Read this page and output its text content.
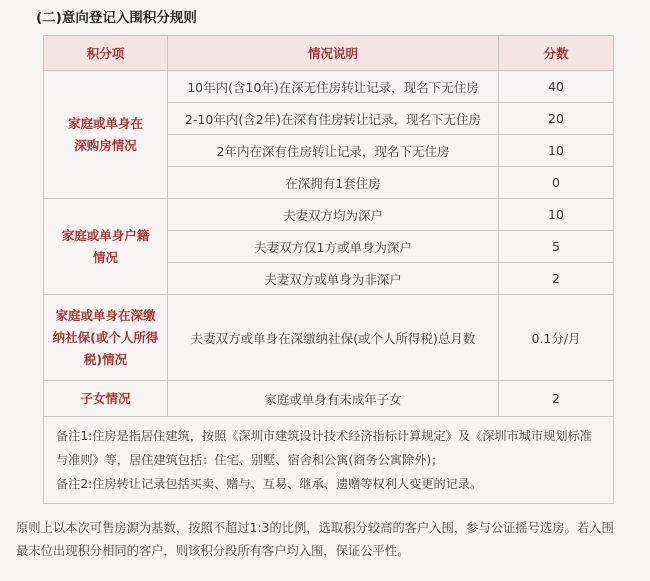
(二)意向登记入围积分规则
积分项	情况说明	分数

家庭或单身在深购房情况	10年内(含10年)在深无住房转让记录，现名下无住房	40
	2-10年内(含2年)在深有住房转让记录，现名下无住房	20
	2年内在深有住房转让记录，现名下无住房	10
	在深拥有1套住房	0

家庭或单身户籍情况	夫妻双方均为深户	10
	夫妻双方仅1方或单身为深户	5
	夫妻双方或单身为非深户	2

家庭或单身在深缴纳社保(或个人所得税)情况	夫妻双方或单身在深缴纳社保(或个人所得税)总月数	0.1分/月
子女情况	家庭或单身有未成年子女	2

备注1:住房是指居住建筑，按照《深圳市建筑设计技术经济指标计算规定》及《深圳市城市规划标准与准则》等，居住建筑包括：住宅、别墅、宿舍和公寓(商务公寓除外)；
备注2:住房转让记录包括买卖、赠与、互易、继承、遗赠等权利人变更的记录。		
原则上以本次可售房源为基数，按照不超过1:3的比例，选取积分较高的客户入围，参与公证摇号选房。若入围最末位出现积分相同的客户，则该积分段所有客户均入围，保证公平性。
